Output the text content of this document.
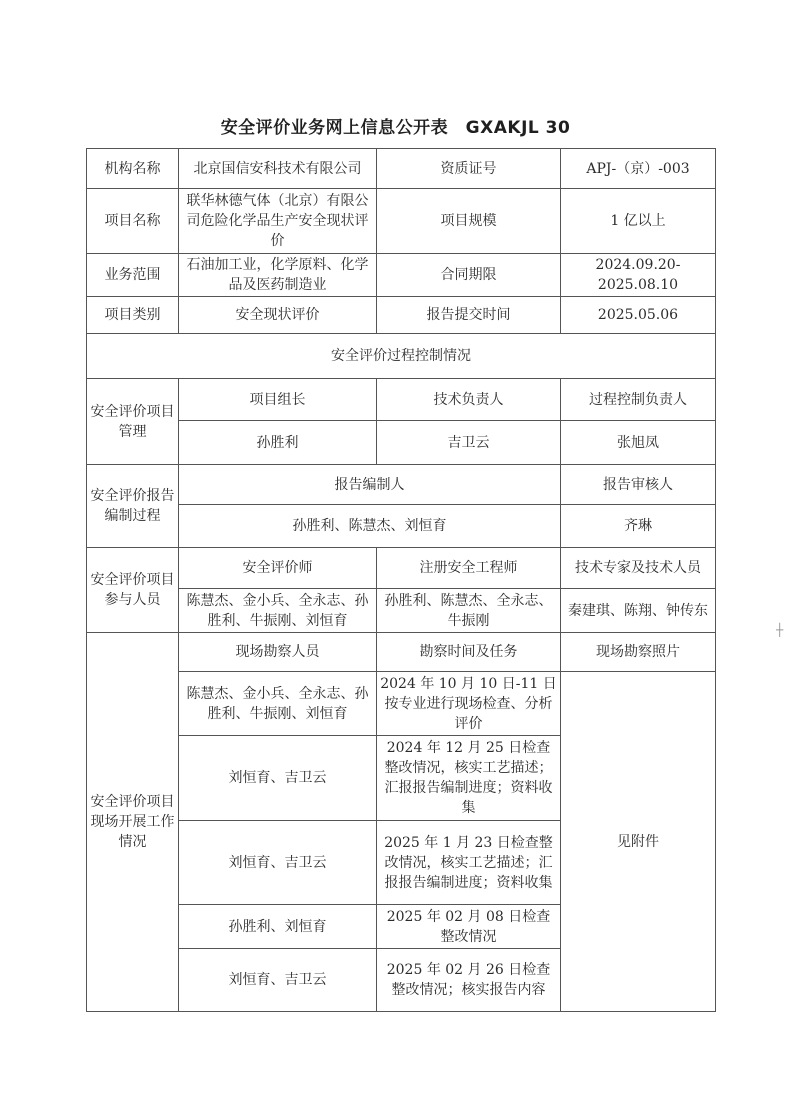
安全评价业务网上信息公开表　GXAKJL 30
机构名称	北京国信安科技术有限公司	资质证号	APJ-（京）-003
项目名称	联华林德气体（北京）有限公司危险化学品生产安全现状评价	项目规模	1 亿以上
业务范围	石油加工业，化学原料、化学品及医药制造业	合同期限	2024.09.20-2025.08.10
项目类别	安全现状评价	报告提交时间	2025.05.06
安全评价过程控制情况			
安全评价项目管理	项目组长	技术负责人	过程控制负责人
	孙胜利	吉卫云	张旭凤
安全评价报告编制过程	报告编制人		报告审核人
	孙胜利、陈慧杰、刘恒育		齐琳
安全评价项目参与人员	安全评价师	注册安全工程师	技术专家及技术人员
	陈慧杰、金小兵、全永志、孙胜利、牛振刚、刘恒育	孙胜利、陈慧杰、全永志、牛振刚	秦建琪、陈翔、钟传东
安全评价项目现场开展工作情况	现场勘察人员	勘察时间及任务	现场勘察照片
	陈慧杰、金小兵、全永志、孙胜利、牛振刚、刘恒育	2024 年 10 月 10 日-11 日按专业进行现场检查、分析评价	见附件
	刘恒育、吉卫云	2024 年 12 月 25 日检查整改情况，核实工艺描述；汇报报告编制进度；资料收集	
	刘恒育、吉卫云	2025 年 1 月 23 日检查整改情况，核实工艺描述；汇报报告编制进度；资料收集	
	孙胜利、刘恒育	2025 年 02 月 08 日检查整改情况	
	刘恒育、吉卫云	2025 年 02 月 26 日检查整改情况；核实报告内容	
┼
